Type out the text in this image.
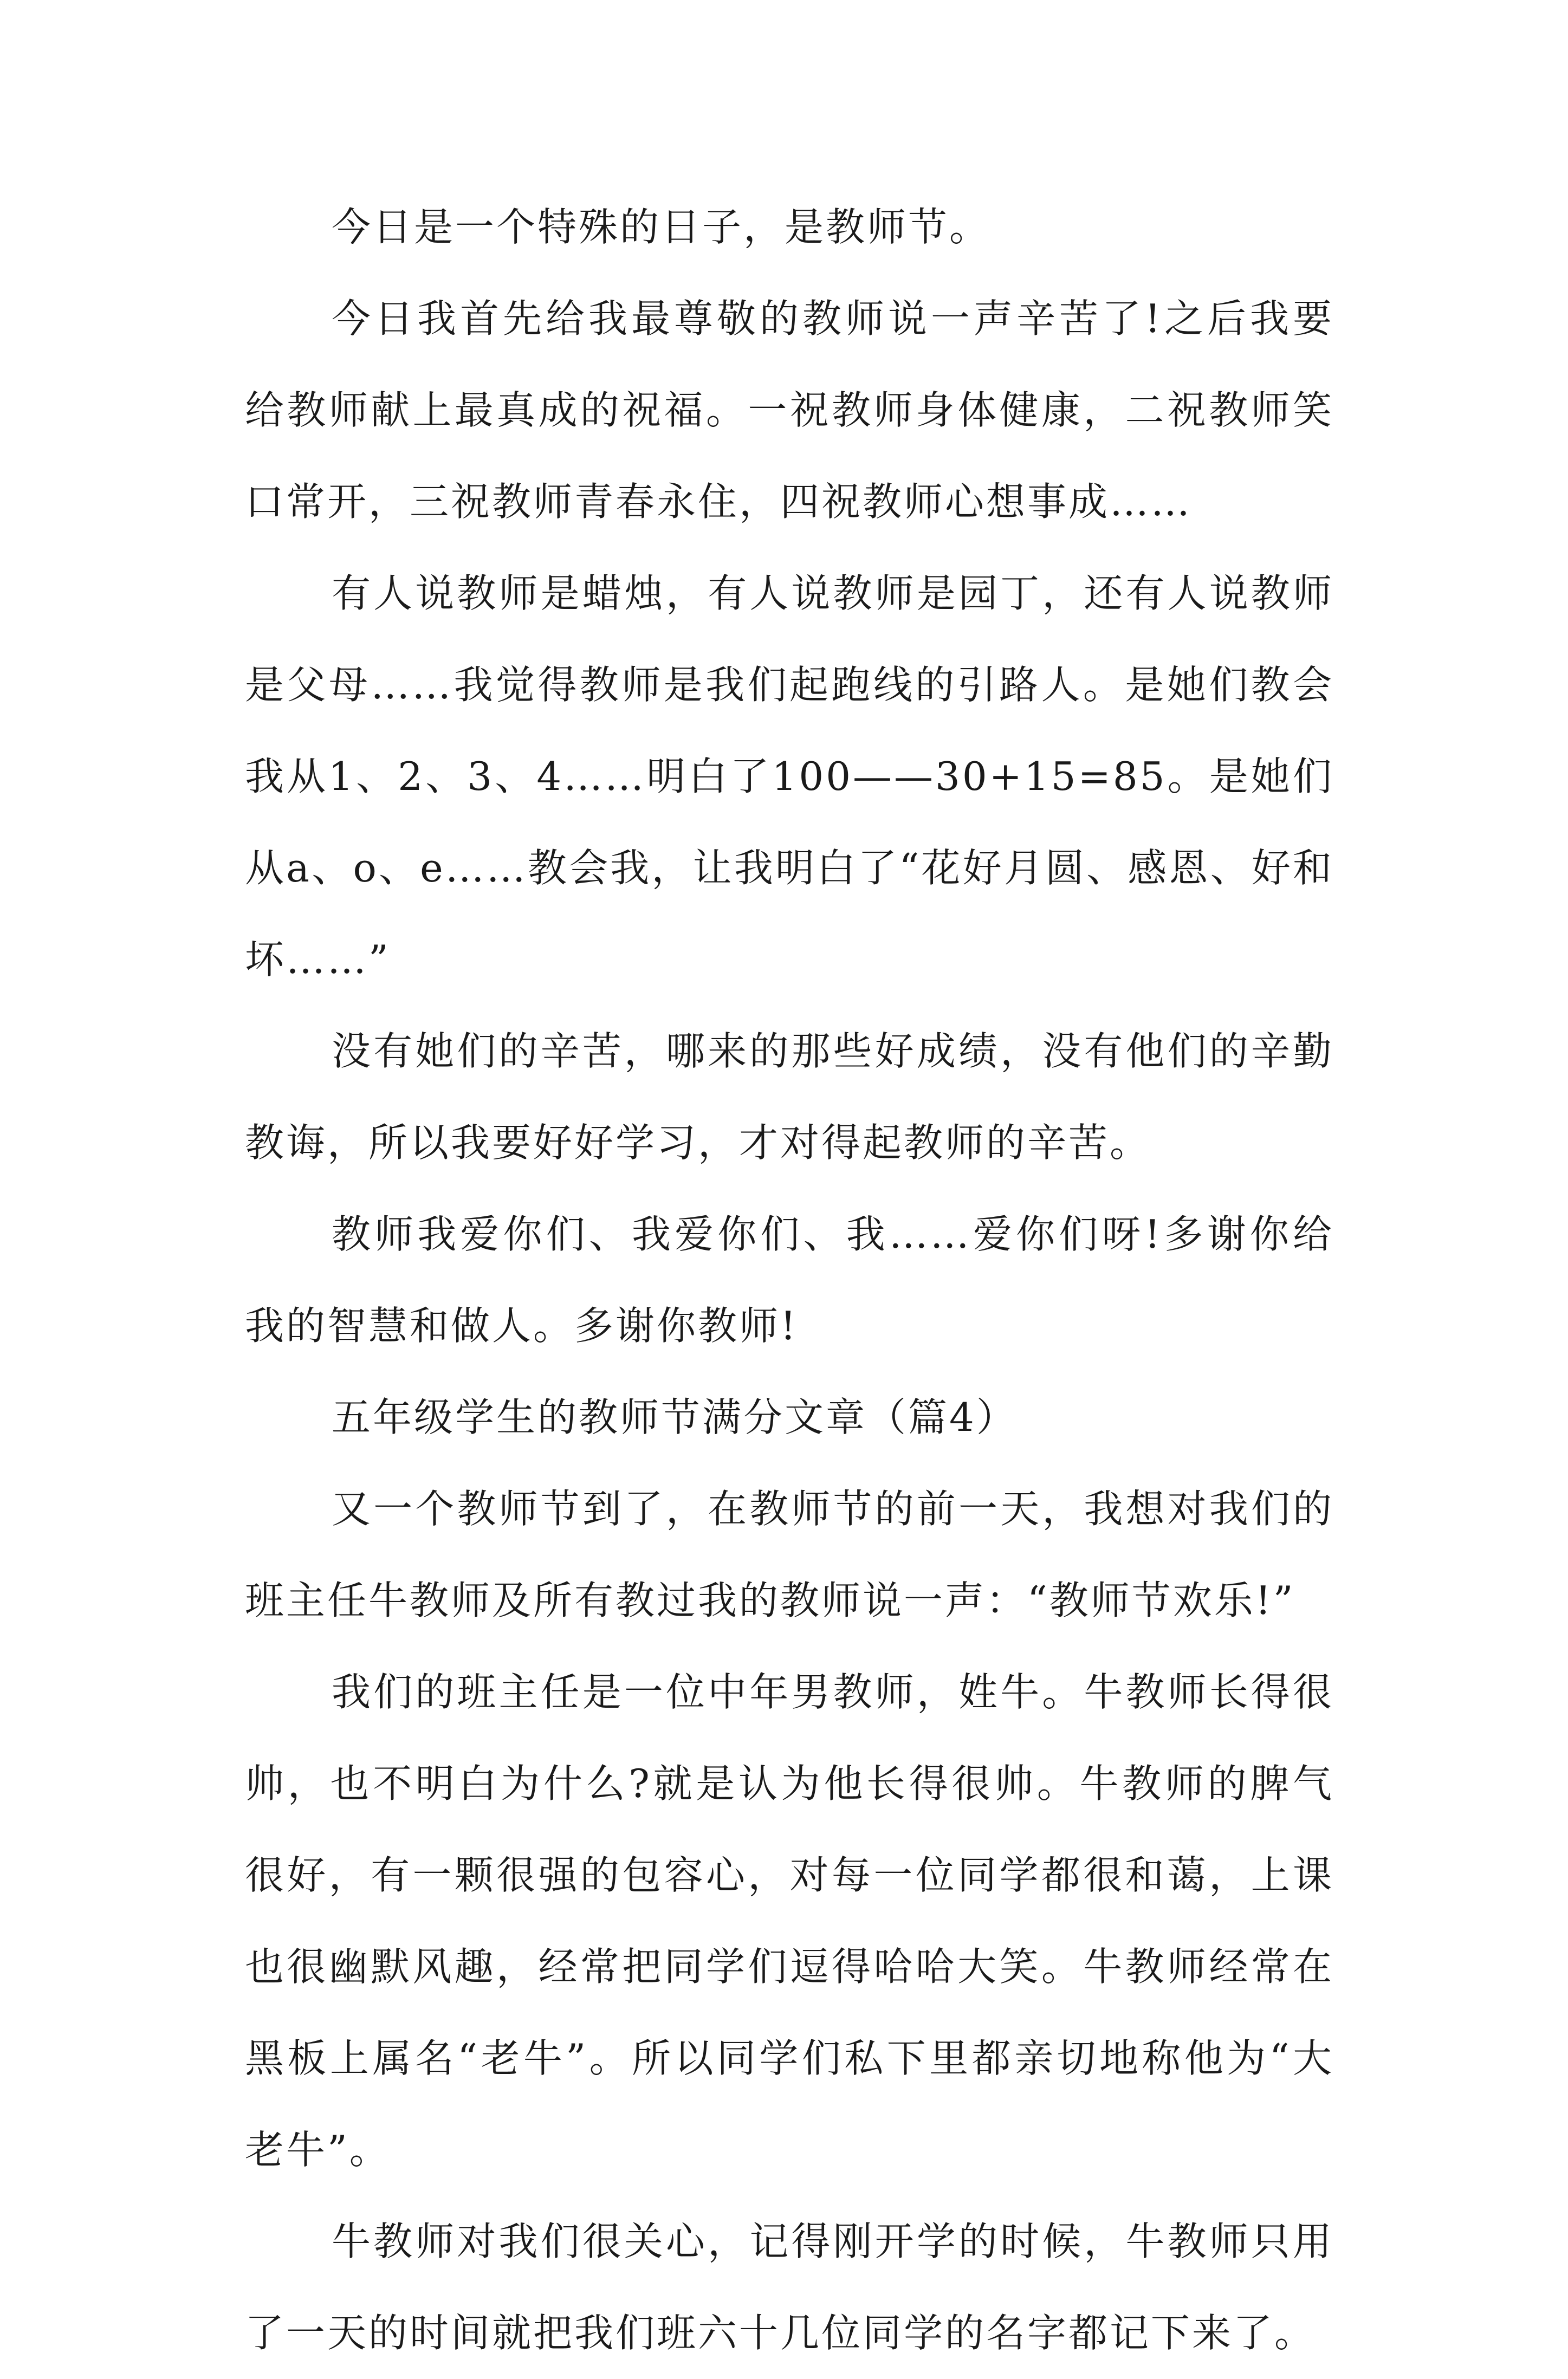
今日是一个特殊的日子，是教师节。

今日我首先给我最尊敬的教师说一声辛苦了!之后我要给教师献上最真成的祝福。一祝教师身体健康，二祝教师笑口常开，三祝教师青春永住，四祝教师心想事成……

有人说教师是蜡烛，有人说教师是园丁，还有人说教师是父母……我觉得教师是我们起跑线的引路人。是她们教会我从1、2、3、4……明白了100——30+15=85。是她们从a、o、e……教会我，让我明白了“花好月圆、感恩、好和坏……”

没有她们的辛苦，哪来的那些好成绩，没有他们的辛勤教诲，所以我要好好学习，才对得起教师的辛苦。

教师我爱你们、我爱你们、我……爱你们呀!多谢你给我的智慧和做人。多谢你教师!

五年级学生的教师节满分文章（篇4）

又一个教师节到了，在教师节的前一天，我想对我们的班主任牛教师及所有教过我的教师说一声：“教师节欢乐!”

我们的班主任是一位中年男教师，姓牛。牛教师长得很帅，也不明白为什么?就是认为他长得很帅。牛教师的脾气很好，有一颗很强的包容心，对每一位同学都很和蔼，上课也很幽默风趣，经常把同学们逗得哈哈大笑。牛教师经常在黑板上属名“老牛”。所以同学们私下里都亲切地称他为“大老牛”。

牛教师对我们很关心，记得刚开学的时候，牛教师只用了一天的时间就把我们班六十几位同学的名字都记下来了。
